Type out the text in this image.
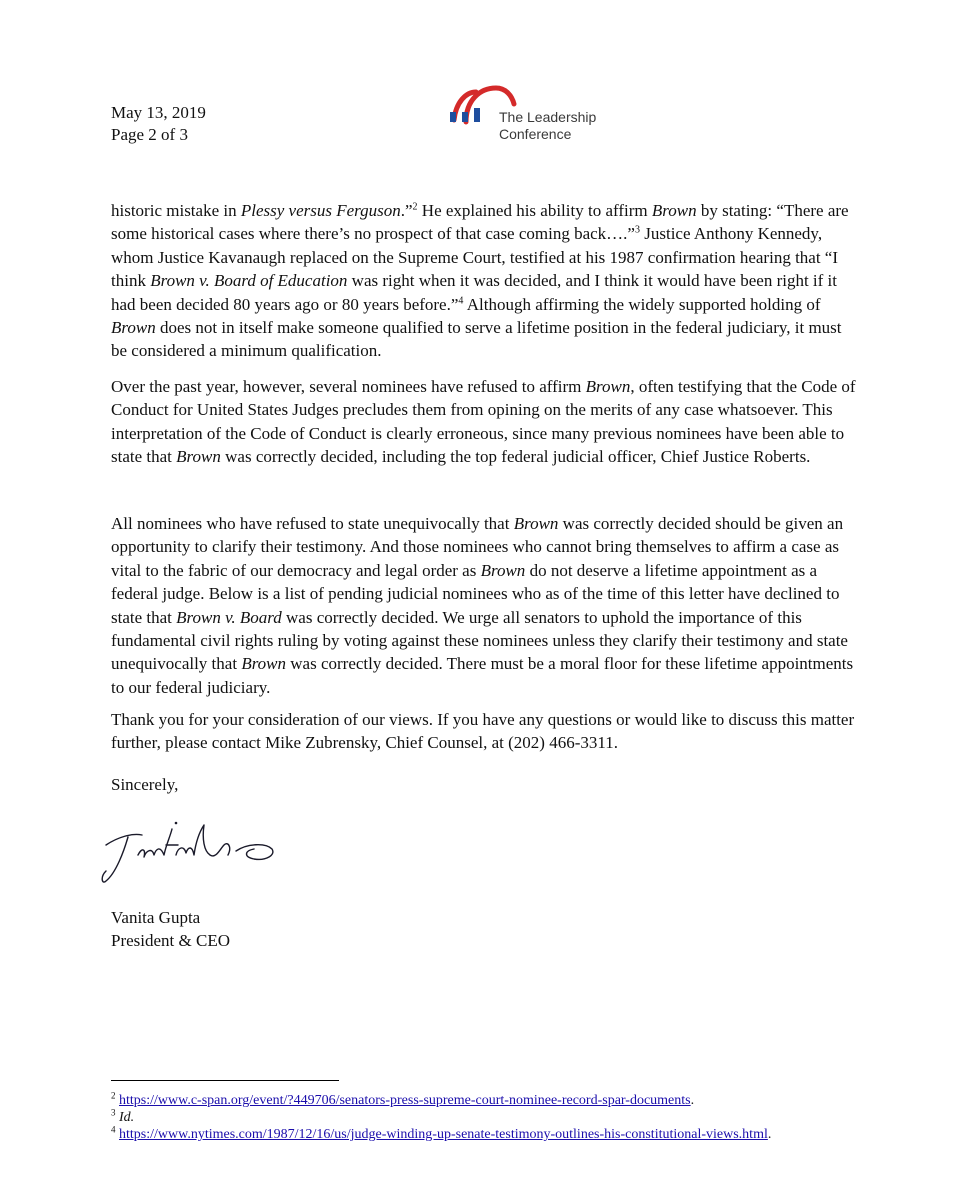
May 13, 2019
Page 2 of 3
The Leadership
Conference

historic mistake in Plessy versus Ferguson.”$^2$ He explained his ability to affirm Brown by stating: “There are some historical cases where there’s no prospect of that case coming back….”$^3$ Justice Anthony Kennedy, whom Justice Kavanaugh replaced on the Supreme Court, testified at his 1987 confirmation hearing that “I think Brown v. Board of Education was right when it was decided, and I think it would have been right if it had been decided 80 years ago or 80 years before.”$^4$ Although affirming the widely supported holding of Brown does not in itself make someone qualified to serve a lifetime position in the federal judiciary, it must be considered a minimum qualification.

Over the past year, however, several nominees have refused to affirm Brown, often testifying that the Code of Conduct for United States Judges precludes them from opining on the merits of any case whatsoever. This interpretation of the Code of Conduct is clearly erroneous, since many previous nominees have been able to state that Brown was correctly decided, including the top federal judicial officer, Chief Justice Roberts.

All nominees who have refused to state unequivocally that Brown was correctly decided should be given an opportunity to clarify their testimony. And those nominees who cannot bring themselves to affirm a case as vital to the fabric of our democracy and legal order as Brown do not deserve a lifetime appointment as a federal judge. Below is a list of pending judicial nominees who as of the time of this letter have declined to state that Brown v. Board was correctly decided. We urge all senators to uphold the importance of this fundamental civil rights ruling by voting against these nominees unless they clarify their testimony and state unequivocally that Brown was correctly decided. There must be a moral floor for these lifetime appointments to our federal judiciary.

Thank you for your consideration of our views. If you have any questions or would like to discuss this matter further, please contact Mike Zubrensky, Chief Counsel, at (202) 466-3311.

Sincerely,
Vanita Gupta
President & CEO
$^2$ https://www.c-span.org/event/?449706/senators-press-supreme-court-nominee-record-spar-documents.
$^3$ Id.
$^4$ https://www.nytimes.com/1987/12/16/us/judge-winding-up-senate-testimony-outlines-his-constitutional-views.html.
